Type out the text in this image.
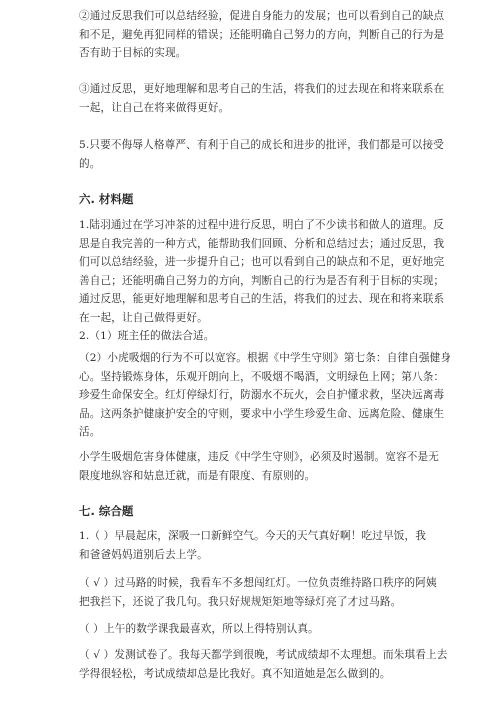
②通过反思我们可以总结经验，促进自身能力的发展；也可以看到自己的缺点

和不足，避免再犯同样的错误；还能明确自己努力的方向，判断自己的行为是

否有助于目标的实现。

③通过反思，更好地理解和思考自己的生活，将我们的过去现在和将来联系在

一起，让自己在将来做得更好。

5.只要不侮辱人格尊严、有利于自己的成长和进步的批评，我们都是可以接受

的。

六. 材料题

1.陆羽通过在学习冲茶的过程中进行反思，明白了不少读书和做人的道理。反

思是自我完善的一种方式，能帮助我们回顾、分析和总结过去；通过反思，我

们可以总结经验，进一步提升自己；也可以看到自己的缺点和不足，更好地完

善自己；还能明确自己努力的方向，判断自己的行为是否有利于目标的实现；

通过反思，能更好地理解和思考自己的生活，将我们的过去、现在和将来联系

在一起，让自己做得更好。

2.（1）班主任的做法合适。

（2）小虎吸烟的行为不可以宽容。根据《中学生守则》第七条：自律自强健身

心。坚持锻炼身体，乐观开朗向上，不吸烟不喝酒，文明绿色上网；第八条：

珍爱生命保安全。红灯停绿灯行，防溺水不玩火，会自护懂求救，坚决远离毒

品。这两条护健康护安全的守则，要求中小学生珍爱生命、远离危险、健康生

活。

小学生吸烟危害身体健康，违反《中学生守则》，必须及时遏制。宽容不是无

限度地纵容和姑息迁就，而是有限度、有原则的。

七. 综合题

1.（ ）早晨起床，深吸一口新鲜空气。今天的天气真好啊！吃过早饭，我

和爸爸妈妈道别后去上学。

（ √ ）过马路的时候，我看车不多想闯红灯。一位负责维持路口秩序的阿姨

把我拦下，还说了我几句。我只好规规矩矩地等绿灯亮了才过马路。

（ ）上午的数学课我最喜欢，所以上得特别认真。

（ √ ）发测试卷了。我每天都学到很晚，考试成绩却不太理想。而朱琪看上去

学得很轻松，考试成绩却总是比我好。真不知道她是怎么做到的。
